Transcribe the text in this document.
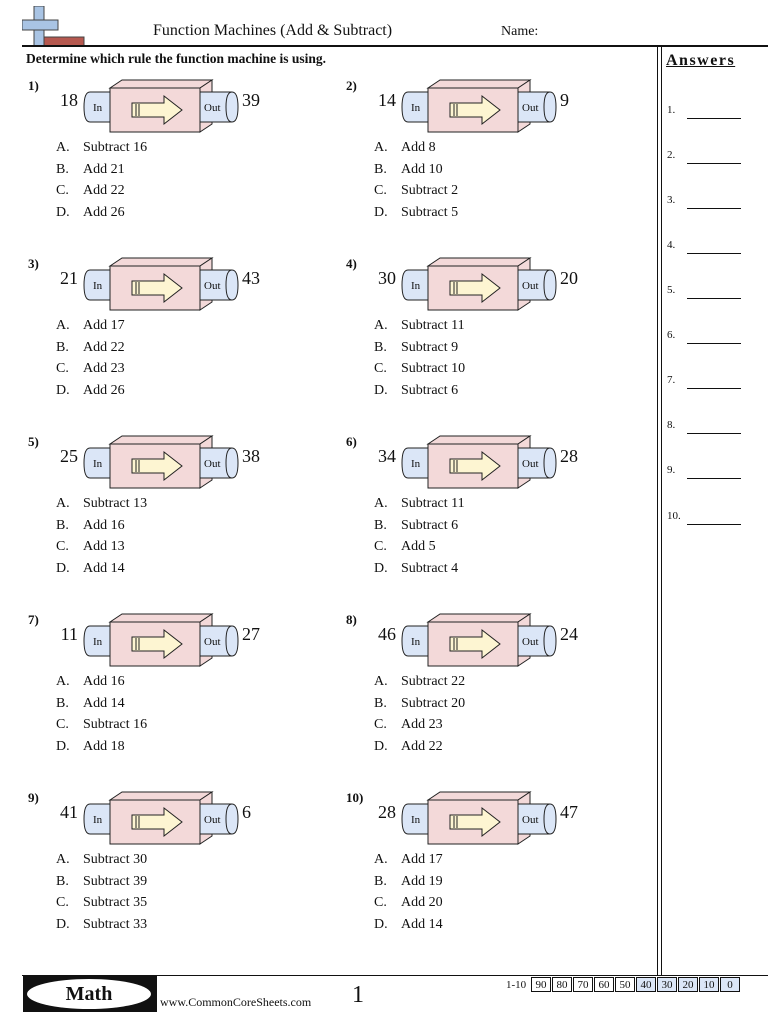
Function Machines (Add & Subtract)	Name:
Determine which rule the function machine is using.	Answers
1.
2.
3.
4.
5.
6.
7.
8.
9.
10.
1)
18 In	Out 39
A. Subtract 16
B. Add 21
C. Add 22
D. Add 26
2)
14 In	Out 9
A. Add 8
B. Add 10
C. Subtract 2
D. Subtract 5
3)
21 In	Out 43
A. Add 17
B. Add 22
C. Add 23
D. Add 26
4)
30 In	Out 20
A. Subtract 11
B. Subtract 9
C. Subtract 10
D. Subtract 6
5)
25 In	Out 38
A. Subtract 13
B. Add 16
C. Add 13
D. Add 14
6)
34 In	Out 28
A. Subtract 11
B. Subtract 6
C. Add 5
D. Subtract 4
7)
11 In	Out 27
A. Add 16
B. Add 14
C. Subtract 16
D. Add 18
8)
46 In	Out 24
A. Subtract 22
B. Subtract 20
C. Add 23
D. Add 22
9)
41 In	Out 6
A. Subtract 30
B. Subtract 39
C. Subtract 35
D. Subtract 33
10)
28 In	Out 47
A. Add 17
B. Add 19
C. Add 20
D. Add 14
Math	www.CommonCoreSheets.com 1	1-10 90 80 70 60 50 40 30 20 10	0
